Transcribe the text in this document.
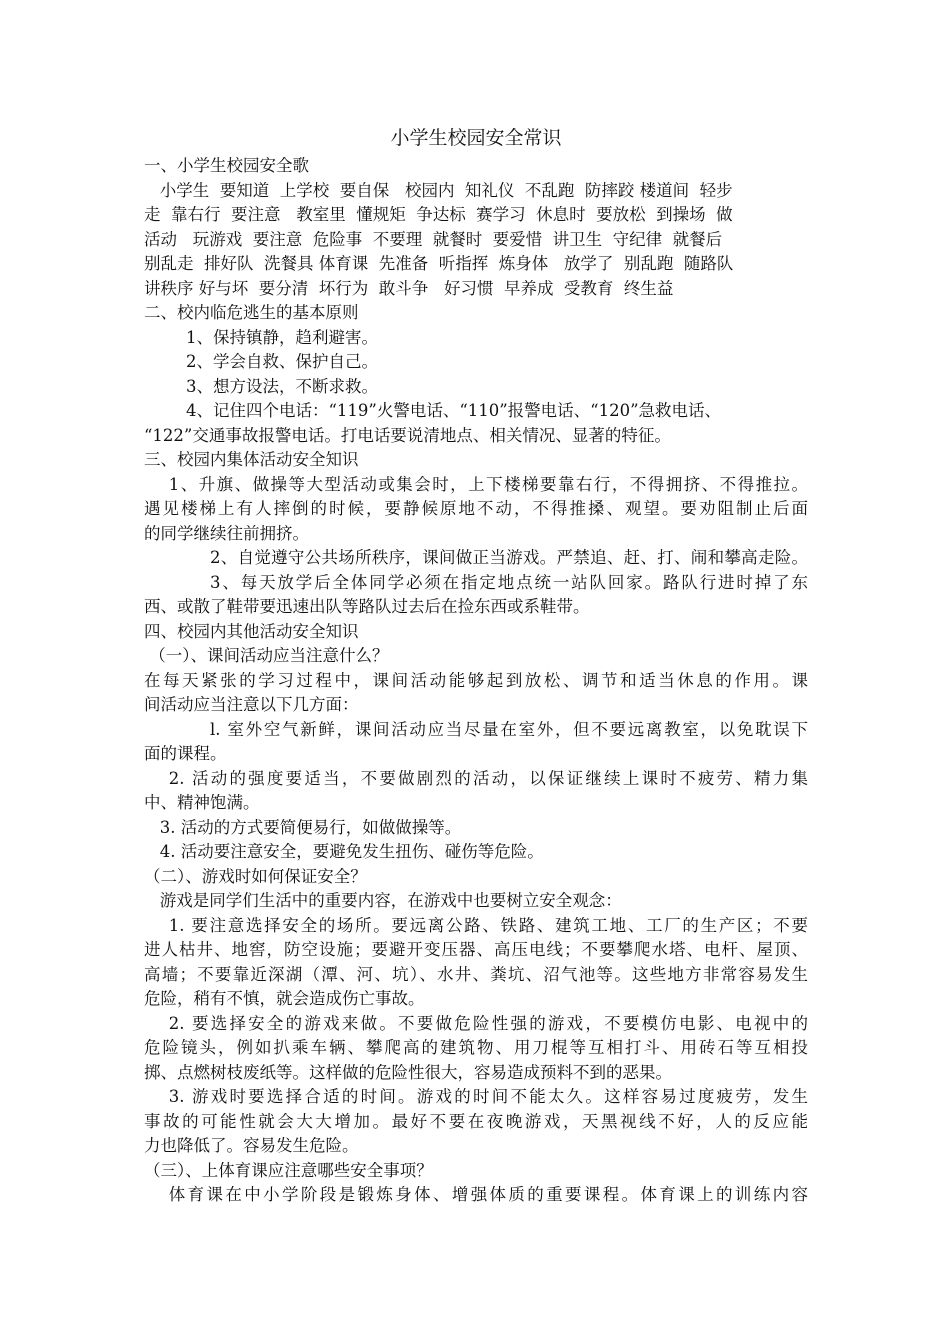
小学生校园安全常识

一、小学生校园安全歌

小学生  要知道  上学校  要自保   校园内  知礼仪  不乱跑  防摔跤 楼道间  轻步

走  靠右行  要注意   教室里  懂规矩  争达标  赛学习  休息时  要放松  到操场  做

活动   玩游戏  要注意  危险事  不要理  就餐时  要爱惜  讲卫生  守纪律  就餐后

别乱走  排好队  洗餐具 体育课  先准备  听指挥  炼身体   放学了  别乱跑  随路队

讲秩序 好与坏  要分清  坏行为  敢斗争   好习惯  早养成  受教育  终生益

二、校内临危逃生的基本原则

1、保持镇静，趋利避害。

2、学会自救、保护自己。

3、想方设法，不断求救。

4、记住四个电话：“119”火警电话、“110”报警电话、“120”急救电话、

“122”交通事故报警电话。打电话要说清地点、相关情况、显著的特征。

三、校园内集体活动安全知识

1、升旗、做操等大型活动或集会时，上下楼梯要靠右行，不得拥挤、不得推拉。

遇见楼梯上有人摔倒的时候，要静候原地不动，不得推搡、观望。要劝阻制止后面

的同学继续往前拥挤。

2、自觉遵守公共场所秩序，课间做正当游戏。严禁追、赶、打、闹和攀高走险。

3、每天放学后全体同学必须在指定地点统一站队回家。路队行进时掉了东

西、或散了鞋带要迅速出队等路队过去后在捡东西或系鞋带。

四、校园内其他活动安全知识

（一）、课间活动应当注意什么？

在每天紧张的学习过程中，课间活动能够起到放松、调节和适当休息的作用。课

间活动应当注意以下几方面：

l. 室外空气新鲜，课间活动应当尽量在室外，但不要远离教室，以免耽误下

面的课程。

2. 活动的强度要适当，不要做剧烈的活动，以保证继续上课时不疲劳、精力集

中、精神饱满。

3. 活动的方式要简便易行，如做做操等。

4. 活动要注意安全，要避免发生扭伤、碰伤等危险。

（二）、游戏时如何保证安全？

游戏是同学们生活中的重要内容，在游戏中也要树立安全观念：

1. 要注意选择安全的场所。要远离公路、铁路、建筑工地、工厂的生产区；不要

进人枯井、地窖，防空设施；要避开变压器、高压电线；不要攀爬水塔、电杆、屋顶、

高墙；不要靠近深湖（潭、河、坑）、水井、粪坑、沼气池等。这些地方非常容易发生

危险，稍有不慎，就会造成伤亡事故。

2. 要选择安全的游戏来做。不要做危险性强的游戏，不要模仿电影、电视中的

危险镜头，例如扒乘车辆、攀爬高的建筑物、用刀棍等互相打斗、用砖石等互相投

掷、点燃树枝废纸等。这样做的危险性很大，容易造成预料不到的恶果。

3. 游戏时要选择合适的时间。游戏的时间不能太久。这样容易过度疲劳，发生

事故的可能性就会大大增加。最好不要在夜晚游戏，天黑视线不好，人的反应能

力也降低了。容易发生危险。

（三）、上体育课应注意哪些安全事项？

体育课在中小学阶段是锻炼身体、增强体质的重要课程。体育课上的训练内容
